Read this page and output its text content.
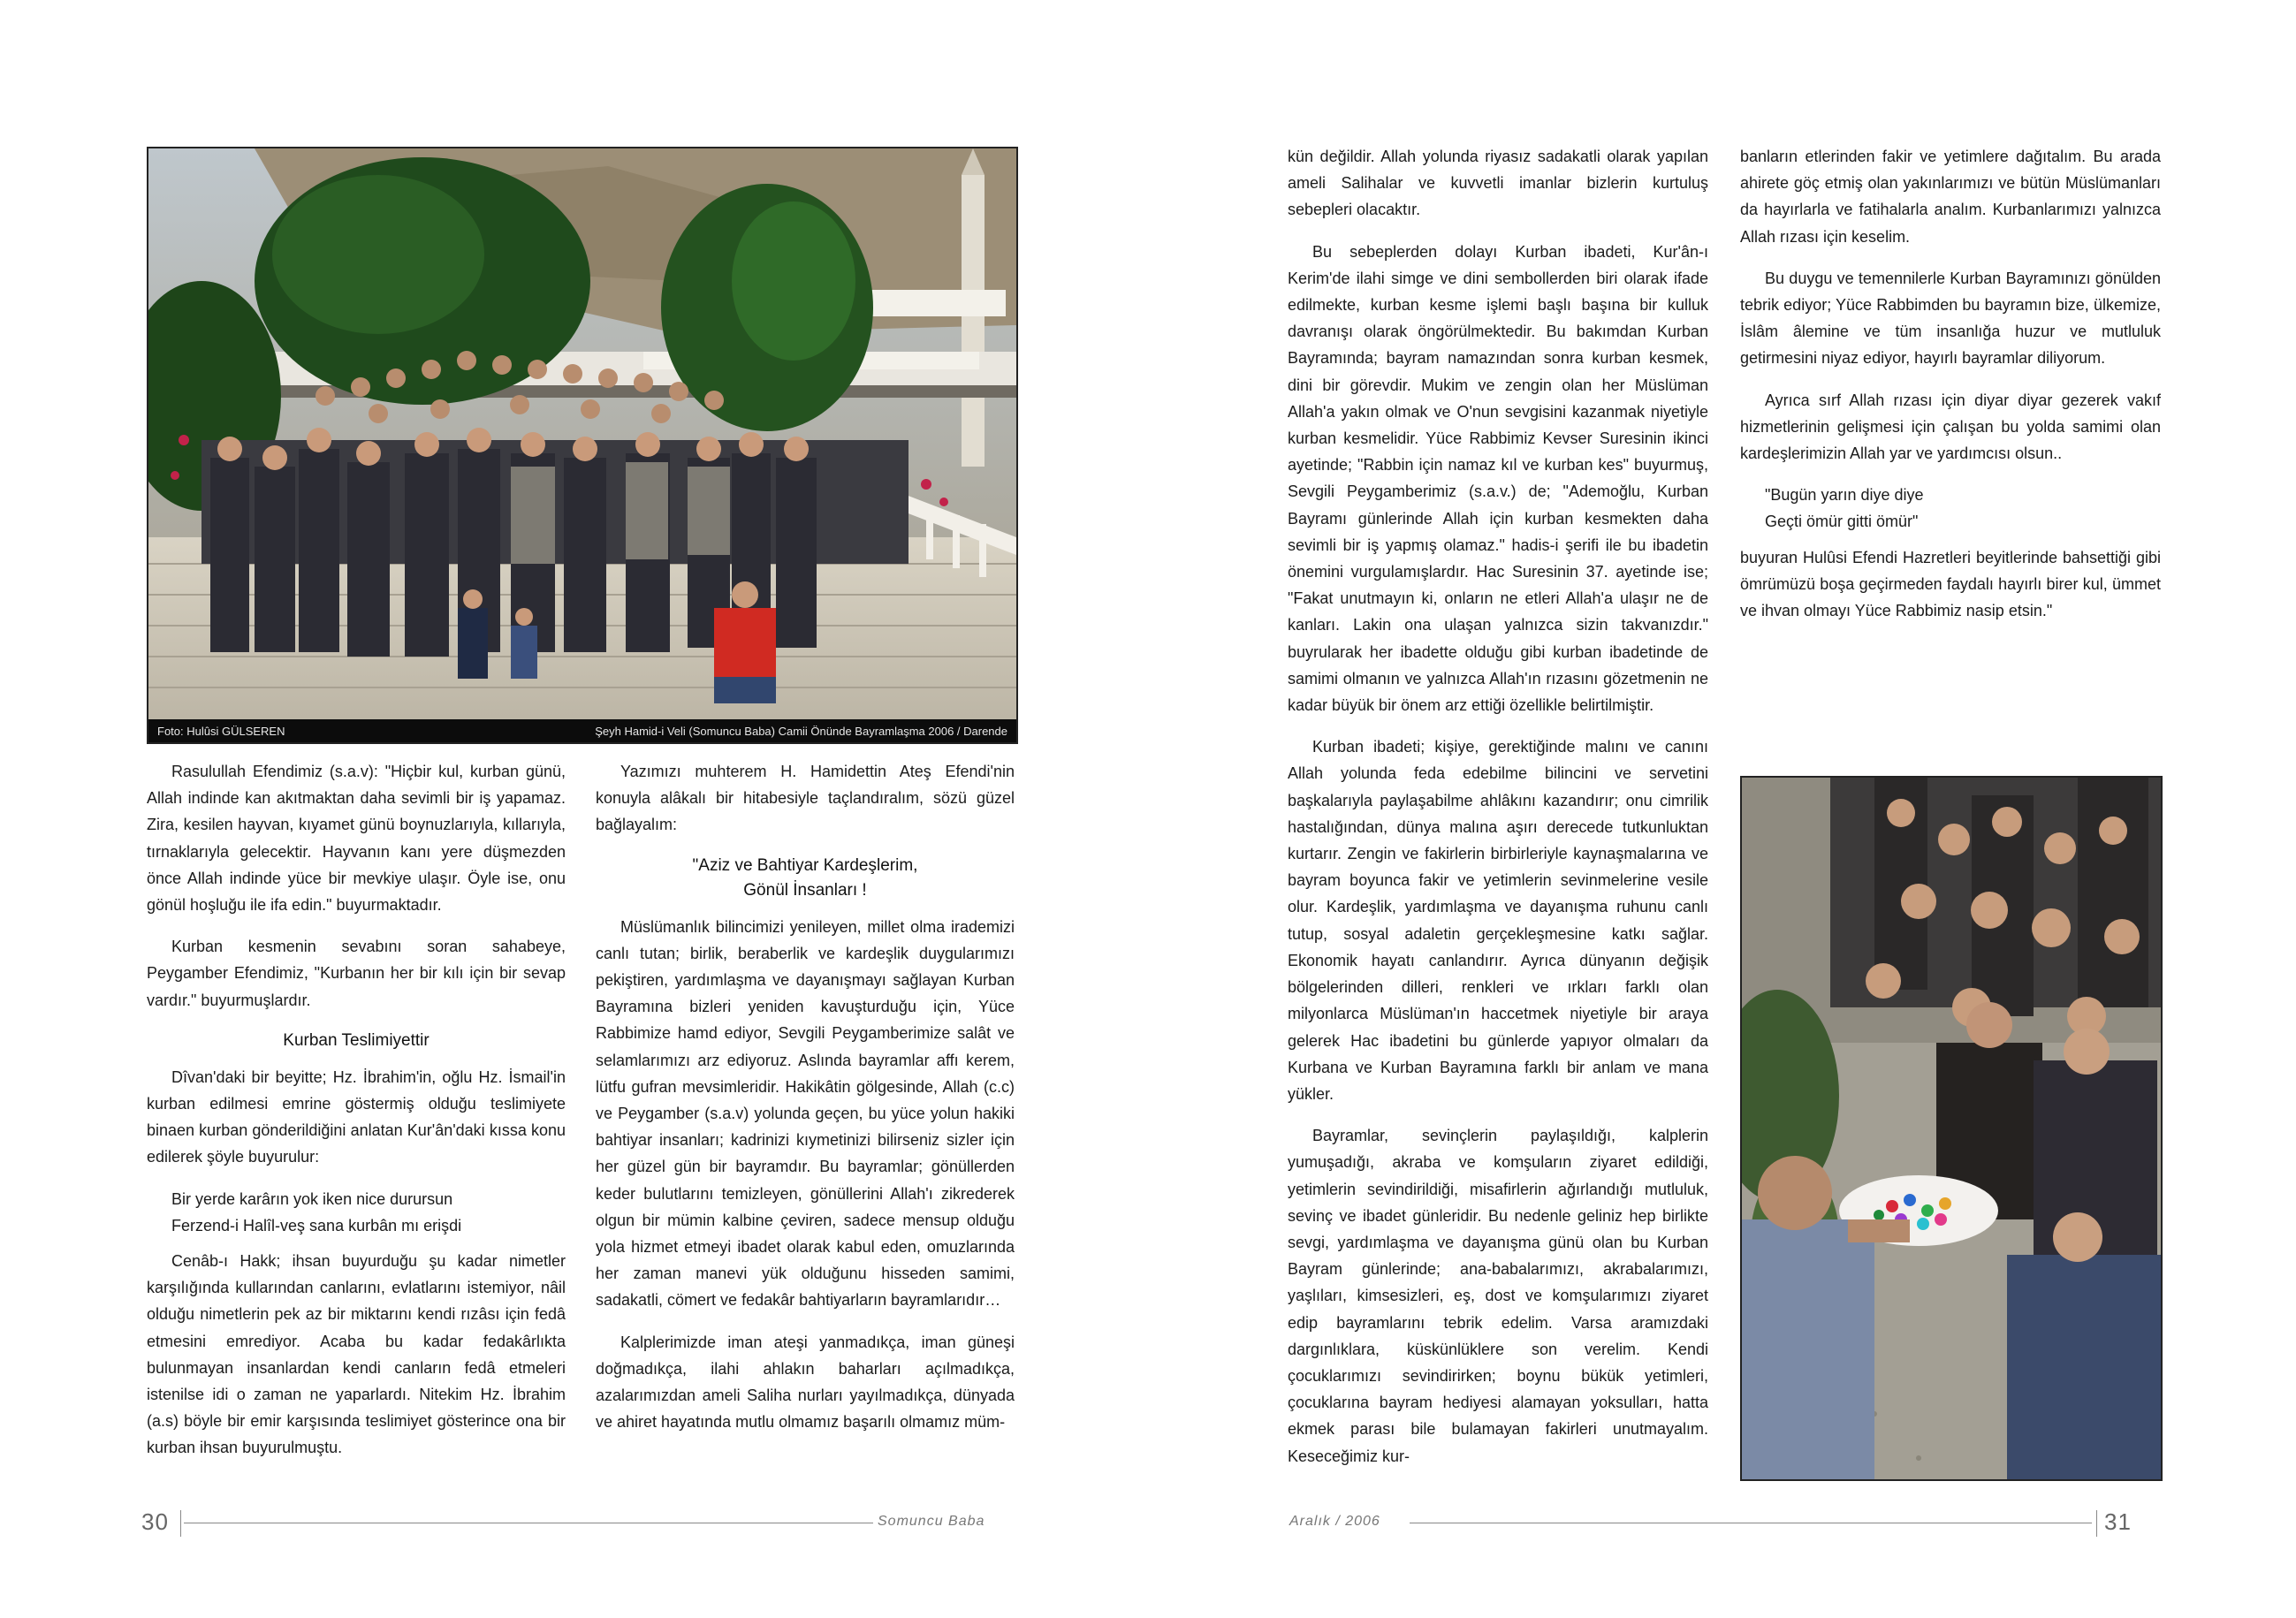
Foto: Hulûsi GÜLSEREN	Şeyh Hamid-i Veli (Somuncu Baba) Camii Önünde Bayramlaşma 2006 / Darende

Rasulullah Efendimiz (s.a.v): "Hiçbir kul, kurban günü, Allah indinde kan akıtmaktan daha sevimli bir iş yapamaz. Zira, kesilen hayvan, kıyamet günü boynuzlarıyla, kıllarıyla, tırnaklarıyla gelecektir. Hayvanın kanı yere düşmezden önce Allah indinde yüce bir mevkiye ulaşır. Öyle ise, onu gönül hoşluğu ile ifa edin." buyurmaktadır.

Kurban kesmenin sevabını soran sahabeye, Peygamber Efendimiz, "Kurbanın her bir kılı için bir sevap vardır." buyurmuşlardır.

Kurban Teslimiyettir

Dîvan'daki bir beyitte; Hz. İbrahim'in, oğlu Hz. İsmail'in kurban edilmesi emrine göstermiş olduğu teslimiyete binaen kurban gönderildiğini anlatan Kur'ân'daki kıssa konu edilerek şöyle buyurulur:

Bir yerde karârın yok iken nice durursun

Ferzend-i Halîl-veş sana kurbân mı erişdi

Cenâb-ı Hakk; ihsan buyurduğu şu kadar nimetler karşılığında kullarından canlarını, evlatlarını istemiyor, nâil olduğu nimetlerin pek az bir miktarını kendi rızâsı için fedâ etmesini emrediyor. Acaba bu kadar fedakârlıkta bulunmayan insanlardan kendi canların fedâ etmeleri istenilse idi o zaman ne yaparlardı. Nitekim Hz. İbrahim (a.s) böyle bir emir karşısında teslimiyet gösterince ona bir kurban ihsan buyurulmuştu.

Yazımızı muhterem H. Hamidettin Ateş Efendi'nin konuyla alâkalı bir hitabesiyle taçlandıralım, sözü güzel bağlayalım:

"Aziz ve Bahtiyar Kardeşlerim,
Gönül İnsanları !

Müslümanlık bilincimizi yenileyen, millet olma irademizi canlı tutan; birlik, beraberlik ve kardeşlik duygularımızı pekiştiren, yardımlaşma ve dayanışmayı sağlayan Kurban Bayramına bizleri yeniden kavuşturduğu için, Yüce Rabbimize hamd ediyor, Sevgili Peygamberimize salât ve selamlarımızı arz ediyoruz. Aslında bayramlar affı kerem, lütfu gufran mevsimleridir. Hakikâtin gölgesinde, Allah (c.c) ve Peygamber (s.a.v) yolunda geçen, bu yüce yolun hakiki bahtiyar insanları; kadrinizi kıymetinizi bilirseniz sizler için her güzel gün bir bayramdır. Bu bayramlar; gönüllerden keder bulutlarını temizleyen, gönüllerini Allah'ı zikrederek olgun bir mümin kalbine çeviren, sadece mensup olduğu yola hizmet etmeyi ibadet olarak kabul eden, omuzlarında her zaman manevi yük olduğunu hisseden samimi, sadakatli, cömert ve fedakâr bahtiyarların bayramlarıdır…

Kalplerimizde iman ateşi yanmadıkça, iman güneşi doğmadıkça, ilahi ahlakın baharları açılmadıkça, azalarımızdan ameli Saliha nurları yayılmadıkça, dünyada ve ahiret hayatında mutlu olmamız başarılı olmamız müm-

30	Somuncu Baba

kün değildir. Allah yolunda riyasız sadakatli olarak yapılan ameli Salihalar ve kuvvetli imanlar bizlerin kurtuluş sebepleri olacaktır.

Bu sebeplerden dolayı Kurban ibadeti, Kur'ân-ı Kerim'de ilahi simge ve dini sembollerden biri olarak ifade edilmekte, kurban kesme işlemi başlı başına bir kulluk davranışı olarak öngörülmektedir. Bu bakımdan Kurban Bayramında; bayram namazından sonra kurban kesmek, dini bir görevdir. Mukim ve zengin olan her Müslüman Allah'a yakın olmak ve O'nun sevgisini kazanmak niyetiyle kurban kesmelidir. Yüce Rabbimiz Kevser Suresinin ikinci ayetinde; "Rabbin için namaz kıl ve kurban kes" buyurmuş, Sevgili Peygamberimiz (s.a.v.) de; "Ademoğlu, Kurban Bayramı günlerinde Allah için kurban kesmekten daha sevimli bir iş yapmış olamaz." hadis-i şerifi ile bu ibadetin önemini vurgulamışlardır. Hac Suresinin 37. ayetinde ise; "Fakat unutmayın ki, onların ne etleri Allah'a ulaşır ne de kanları. Lakin ona ulaşan yalnızca sizin takvanızdır." buyrularak her ibadette olduğu gibi kurban ibadetinde de samimi olmanın ve yalnızca Allah'ın rızasını gözetmenin ne kadar büyük bir önem arz ettiği özellikle belirtilmiştir.

Kurban ibadeti; kişiye, gerektiğinde malını ve canını Allah yolunda feda edebilme bilincini ve servetini başkalarıyla paylaşabilme ahlâkını kazandırır; onu cimrilik hastalığından, dünya malına aşırı derecede tutkunluktan kurtarır. Zengin ve fakirlerin birbirleriyle kaynaşmalarına ve bayram boyunca fakir ve yetimlerin sevinmelerine vesile olur. Kardeşlik, yardımlaşma ve dayanışma ruhunu canlı tutup, sosyal adaletin gerçekleşmesine katkı sağlar. Ekonomik hayatı canlandırır. Ayrıca dünyanın değişik bölgelerinden dilleri, renkleri ve ırkları farklı olan milyonlarca Müslüman'ın haccetmek niyetiyle bir araya gelerek Hac ibadetini bu günlerde yapıyor olmaları da Kurbana ve Kurban Bayramına farklı bir anlam ve mana yükler.

Bayramlar, sevinçlerin paylaşıldığı, kalplerin yumuşadığı, akraba ve komşuların ziyaret edildiği, yetimlerin sevindirildiği, misafirlerin ağırlandığı mutluluk, sevinç ve ibadet günleridir. Bu nedenle geliniz hep birlikte sevgi, yardımlaşma ve dayanışma günü olan bu Kurban Bayram günlerinde; ana-babalarımızı, akrabalarımızı, yaşlıları, kimsesizleri, eş, dost ve komşularımızı ziyaret edip bayramlarını tebrik edelim. Varsa aramızdaki dargınlıklara, küskünlüklere son verelim. Kendi çocuklarımızı sevindirirken; boynu bükük yetimleri, çocuklarına bayram hediyesi alamayan yoksulları, hatta ekmek parası bile bulamayan fakirleri unutmayalım. Keseceğimiz kur-

banların etlerinden fakir ve yetimlere dağıtalım. Bu arada ahirete göç etmiş olan yakınlarımızı ve bütün Müslümanları da hayırlarla ve fatihalarla analım. Kurbanlarımızı yalnızca Allah rızası için keselim.

Bu duygu ve temennilerle Kurban Bayramınızı gönülden tebrik ediyor; Yüce Rabbimden bu bayramın bize, ülkemize, İslâm âlemine ve tüm insanlığa huzur ve mutluluk getirmesini niyaz ediyor, hayırlı bayramlar diliyorum.

Ayrıca sırf Allah rızası için diyar diyar gezerek vakıf hizmetlerinin gelişmesi için çalışan bu yolda samimi olan kardeşlerimizin Allah yar ve yardımcısı olsun..

"Bugün yarın diye diye

Geçti ömür gitti ömür"

buyuran Hulûsi Efendi Hazretleri beyitlerinde bahsettiği gibi ömrümüzü boşa geçirmeden faydalı hayırlı birer kul, ümmet ve ihvan olmayı Yüce Rabbimiz nasip etsin."

Aralık / 2006	31
